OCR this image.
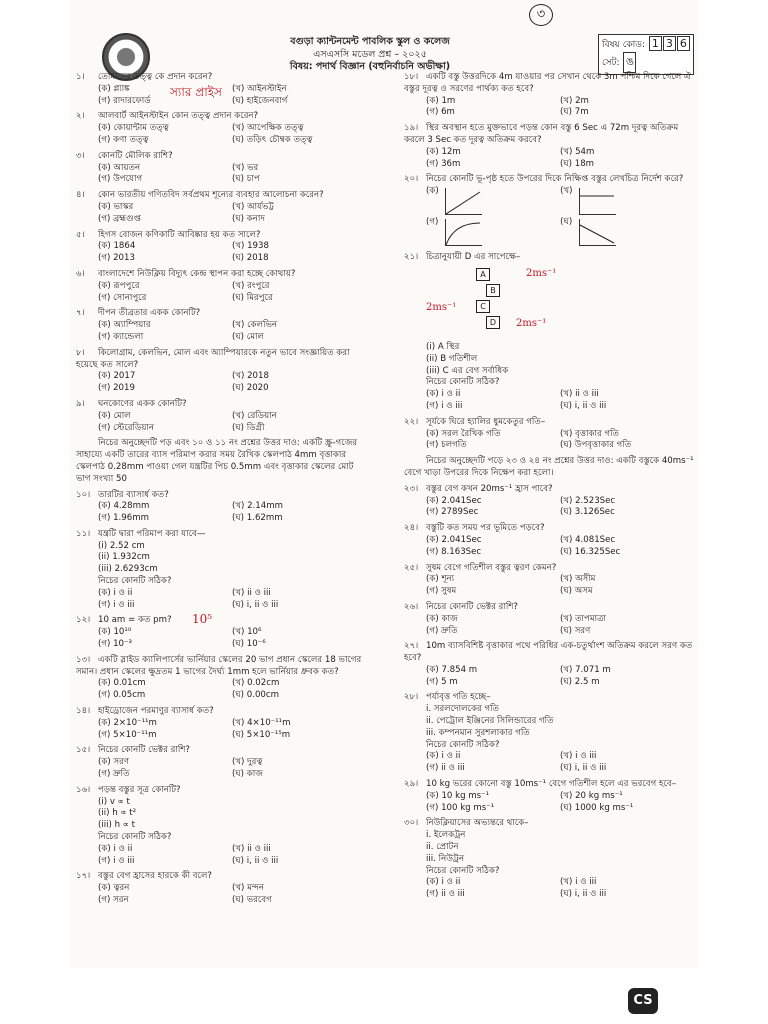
৩
বগুড়া ক্যান্টনমেন্ট পাবলিক স্কুল ও কলেজ
এসএসসি মডেল প্রশ্ন – ২০২৫
বিষয়: পদার্থ বিজ্ঞান (বহুনির্বাচনি অভীক্ষা)
বিষয় কোড: 1 3 6
সেট: ঙ
১। তোমাদের তত্ত্ব কে প্রদান করেন?
(ক) প্ল্যাঙ্ক	(খ) আইনস্টাইন
(গ) রাদারফোর্ড	(ঘ) হাইজেনবার্গ
২। আলবার্ট আইনস্টাইন কোন তত্ত্ব প্রদান করেন?
(ক) কোয়ান্টাম তত্ত্ব	(খ) আপেক্ষিক তত্ত্ব
(গ) কণা তত্ত্ব	(ঘ) তড়িৎ চৌম্বক তত্ত্ব
৩। কোনটি মৌলিক রাশি?
(ক) আয়তন	(খ) ভর
(গ) উপযোগ	(ঘ) চাপ
৪। কোন ভারতীয় গণিতবিদ সর্বপ্রথম শূন্যের ব্যবহার আলোচনা করেন?
(ক) ভাস্কর	(খ) আর্যভট্ট
(গ) ব্রহ্মগুপ্ত	(ঘ) কনাদ
৫। হিগস বোজন কণিকাটি আবিষ্কার হয় কত সালে?
(ক) 1864	(খ) 1938
(গ) 2013	(ঘ) 2018
৬। বাংলাদেশে নিউক্লিয় বিদ্যুৎ কেন্দ্র স্থাপন করা হচ্ছে কোথায়?
(ক) রূপপুরে	(খ) রংপুরে
(গ) সোনাপুরে	(ঘ) মিরপুরে
৭। দীপন তীব্রতার একক কোনটি?
(ক) অ্যাম্পিয়ার	(খ) কেলভিন
(গ) ক্যান্ডেলা	(ঘ) মোল
৮। কিলোগ্রাম, কেলভিন, মোল এবং অ্যাম্পিয়ারকে নতুন ভাবে সংজ্ঞায়িত করা হয়েছে কত সালে?
(ক) 2017	(খ) 2018
(গ) 2019	(ঘ) 2020
৯। ঘনকোণের একক কোনটি?
(ক) মোল	(খ) রেডিয়ান
(গ) স্টেরেডিয়ান	(ঘ) ডিগ্রী
নিচের অনুচ্ছেদটি পড় এবং ১০ ও ১১ নং প্রশ্নের উত্তর দাও: একটি স্ক্রু-গজের সাহায্যে একটি তারের ব্যাস পরিমাপ করার সময় রৈখিক স্কেলপাঠ 4mm বৃত্তাকার স্কেলপাঠ 0.28mm পাওয়া গেল যন্ত্রটির পিচ 0.5mm এবং বৃত্তাকার স্কেলের মোট ভাগ সংখ্যা 50
১০। তারটির ব্যাসার্ধ কত?
(ক) 4.28mm	(খ) 2.14mm
(গ) 1.96mm	(ঘ) 1.62mm
১১। যন্ত্রটি দ্বারা পরিমাপ করা যাবে—
(i) 2.52 cm
(ii) 1.932cm
(iii) 2.6293cm
নিচের কোনটি সঠিক?
(ক) i ও ii	(খ) ii ও iii
(গ) i ও iii	(ঘ) i, ii ও iii
১২। 10 am = কত pm?
(ক) 10¹⁰	(খ) 10⁶
(গ) 10⁻³	(ঘ) 10⁻⁶
১৩। একটি স্লাইড ক্যালিপার্সের ভার্নিয়ার স্কেলের 20 ভাগ প্রধান স্কেলের 18 ভাগের সমান। প্রধান স্কেলের ক্ষুদ্রতম 1 ভাগের দৈর্ঘ্য 1mm হলে ভার্নিয়ার ধ্রুবক কত?
(ক) 0.01cm	(খ) 0.02cm
(গ) 0.05cm	(ঘ) 0.00cm
১৪। হাইড্রোজেন পরমাণুর ব্যাসার্ধ কত?
(ক) 2×10⁻¹¹m	(খ) 4×10⁻¹¹m
(গ) 5×10⁻¹¹m	(ঘ) 5×10⁻¹⁵m
১৫। নিচের কোনটি ভেক্টর রাশি?
(ক) সরণ	(খ) দুরত্ব
(গ) দ্রুতি	(ঘ) কাজ
১৬। পড়ন্ত বস্তুর সূত্র কোনটি?
(i) v ∝ t
(ii) h ∝ t²
(iii) h ∝ t
নিচের কোনটি সঠিক?
(ক) i ও ii	(খ) ii ও iii
(গ) i ও iii	(ঘ) i, ii ও iii
১৭। বস্তুর বেগ হ্রাসের হারকে কী বলে?
(ক) ত্বরন	(খ) মন্দন
(গ) সরন	(ঘ) ভরবেগ
১৮। একটি বস্তু উত্তরদিকে 4m যাওয়ার পর সেখান থেকে 3m পশ্চিম দিকে গেলে ঐ বস্তুর দূরত্ব ও সরণের পার্থক্য কত হবে?
(ক) 1m	(খ) 2m
(গ) 6m	(ঘ) 7m
১৯। স্থির অবস্থান হতে মুক্তভাবে পড়ন্ত কোন বস্তু 6 Sec এ 72m দূরত্ব অতিক্রম করলে 3 Sec কত দূরত্ব অতিক্রম করবে?
(ক) 12m	(খ) 54m
(গ) 36m	(ঘ) 18m
২০। নিচের কোনটি ভূ-পৃষ্ঠ হতে উপরের দিকে নিক্ষিপ্ত বস্তুর লেখচিত্র নির্দেশ করে?
(ক)	(খ)
(গ)	(ঘ)
২১। চিত্রানুযায়ী D এর সাপেক্ষে–
A
B
C
D
2ms⁻¹
2ms⁻¹
2ms⁻¹
(i) A স্থির
(ii) B গতিশীল
(iii) C এর বেগ সর্বাধিক
নিচের কোনটি সঠিক?
(ক) i ও ii	(খ) ii ও iii
(গ) i ও iii	(ঘ) i, ii ও iii
২২। সূর্যকে ঘিরে হ্যালির ধুমকেতুর গতি–
(ক) সরল রৈখিক গতি	(খ) বৃত্তাকার গতি
(গ) চলগতি	(ঘ) উপবৃত্তাকার গতি
নিচের অনুচ্ছেদটি পড়ে ২৩ ও ২৪ নং প্রশ্নের উত্তর দাও: একটি বস্তুকে 40ms⁻¹ বেগে খাড়া উপরের দিকে নিক্ষেপ করা হলো।
২৩। বস্তুর বেগ কখন 20ms⁻¹ হ্রাস পাবে?
(ক) 2.041Sec	(খ) 2.523Sec
(গ) 2789Sec	(ঘ) 3.126Sec
২৪। বস্তুটি কত সময় পর ভূমিতে পড়বে?
(ক) 2.041Sec	(খ) 4.081Sec
(গ) 8.163Sec	(ঘ) 16.325Sec
২৫। সুষম বেগে গতিশীল বস্তুর ত্বরণ কেমন?
(ক) শূন্য	(খ) অসীম
(গ) সুষম	(ঘ) অসম
২৬। নিচের কোনটি ভেক্টর রাশি?
(ক) কাজ	(খ) তাপমাত্রা
(গ) দ্রুতি	(ঘ) সরণ
২৭। 10m ব্যাসবিশিষ্ট বৃত্তাকার পথে পরিধির এক-চতুর্থাংশ অতিক্রম করলে সরণ কত হবে?
(ক) 7.854 m	(খ) 7.071 m
(গ) 5 m	(ঘ) 2.5 m
২৮। পর্যাবৃত্ত গতি হচ্ছে–
i. সরলদোলকের গতি
ii. পেট্রোল ইঞ্জিনের সিলিন্ডারের গতি
iii. কম্পনমান সুরশলাকার গতি
নিচের কোনটি সঠিক?
(ক) i ও ii	(খ) i ও iii
(গ) ii ও iii	(ঘ) i, ii ও iii
২৯। 10 kg ভরের কোনো বস্তু 10ms⁻¹ বেগে গতিশীল হলে এর ভরবেগ হবে–
(ক) 10 kg ms⁻¹	(খ) 20 kg ms⁻¹
(গ) 100 kg ms⁻¹	(ঘ) 1000 kg ms⁻¹
৩০। নিউক্লিয়াসের অভ্যন্তরে থাকে–
i. ইলেকট্রন
ii. প্রোটন
iii. নিউট্রন
নিচের কোনটি সঠিক?
(ক) i ও ii	(খ) i ও iii
(গ) ii ও iii	(ঘ) i, ii ও iii
স্যার প্রাইস
10⁵
CS
